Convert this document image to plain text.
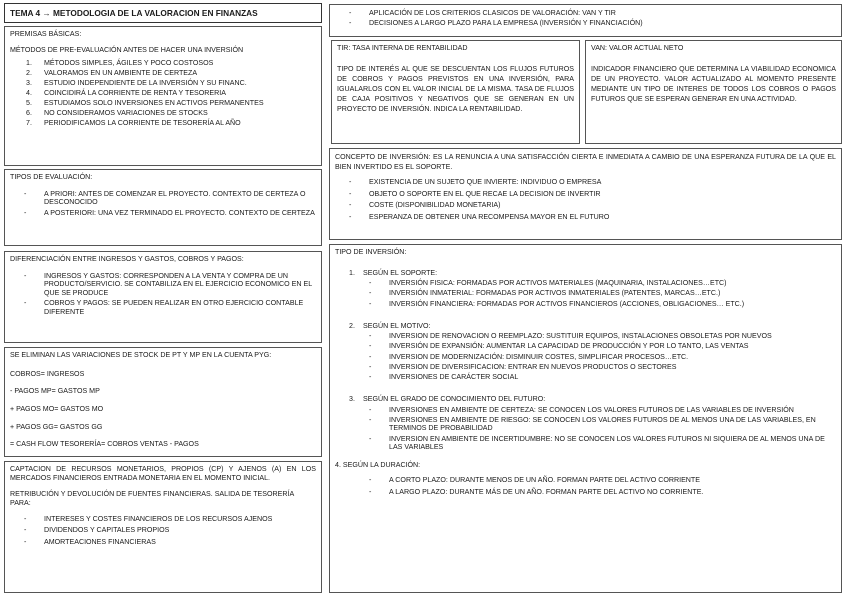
TEMA 4 → METODOLOGIA DE LA VALORACION EN FINANZAS
PREMISAS BÁSICAS:
MÉTODOS DE PRE-EVALUACIÓN ANTES DE HACER UNA INVERSIÓN
1.	MÉTODOS SIMPLES, ÁGILES Y POCO COSTOSOS
2.	VALORAMOS EN UN AMBIENTE DE CERTEZA
3.	ESTUDIO INDEPENDIENTE DE LA INVERSIÓN Y SU FINANC.
4.	COINCIDIRÁ LA CORRIENTE DE RENTA Y TESORERIA
5.	ESTUDIAMOS SOLO INVERSIONES EN ACTIVOS PERMANENTES
6.	NO CONSIDERAMOS VARIACIONES DE STOCKS
7.	PERIODIFICAMOS LA CORRIENTE DE TESORERÍA AL AÑO
TIPOS DE EVALUACIÓN:
- A PRIORI: ANTES DE COMENZAR EL PROYECTO. CONTEXTO DE CERTEZA O DESCONOCIDO
- A POSTERIORI: UNA VEZ TERMINADO EL PROYECTO. CONTEXTO DE CERTEZA
DIFERENCIACIÓN ENTRE INGRESOS Y GASTOS, COBROS Y PAGOS:
- INGRESOS Y GASTOS: CORRESPONDEN A LA VENTA Y COMPRA DE UN PRODUCTO/SERVICIO. SE CONTABILIZA EN EL EJERCICIO ECONOMICO EN EL QUE SE PRODUCE
- COBROS Y PAGOS: SE PUEDEN REALIZAR EN OTRO EJERCICIO CONTABLE DIFERENTE
SE ELIMINAN LAS VARIACIONES DE STOCK DE PT Y MP EN LA CUENTA PYG:
COBROS= INGRESOS
- PAGOS MP= GASTOS MP
+ PAGOS MO= GASTOS MO
+ PAGOS GG= GASTOS GG
= CASH FLOW TESORERÍA= COBROS VENTAS - PAGOS
CAPTACION DE RECURSOS MONETARIOS, PROPIOS (CP) Y AJENOS (A) EN LOS MERCADOS FINANCIEROS ENTRADA MONETARIA EN EL MOMENTO INICIAL.
RETRIBUCIÓN Y DEVOLUCIÓN DE FUENTES FINANCIERAS. SALIDA DE TESORERÍA PARA:
- INTERESES Y COSTES FINANCIEROS DE LOS RECURSOS AJENOS
- DIVIDENDOS Y CAPITALES PROPIOS
- AMORTEACIONES FINANCIERAS
- APLICACIÓN DE LOS CRITERIOS CLASICOS DE VALORACIÓN: VAN Y TIR
- DECISIONES A LARGO PLAZO PARA LA EMPRESA (INVERSIÓN Y FINANCIACIÓN)
TIR: TASA INTERNA DE RENTABILIDAD
TIPO DE INTERÉS AL QUE SE DESCUENTAN LOS FLUJOS FUTUROS DE COBROS Y PAGOS PREVISTOS EN UNA INVERSIÓN, PARA IGUALARLOS CON EL VALOR INICIAL DE LA MISMA. TASA DE FLUJOS DE CAJA POSITIVOS Y NEGATIVOS QUE SE GENERAN EN UN PROYECTO DE INVERSIÓN. INDICA LA RENTABILIDAD.
VAN: VALOR ACTUAL NETO
INDICADOR FINANCIERO QUE DETERMINA LA VIABILIDAD ECONOMICA DE UN PROYECTO. VALOR ACTUALIZADO AL MOMENTO PRESENTE MEDIANTE UN TIPO DE INTERES DE TODOS LOS COBROS O PAGOS FUTUROS QUE SE ESPERAN GENERAR EN UNA ACTIVIDAD.
CONCEPTO DE INVERSIÓN: ES LA RENUNCIA A UNA SATISFACCIÓN CIERTA E INMEDIATA A CAMBIO DE UNA ESPERANZA FUTURA DE LA QUE EL BIEN INVERTIDO ES EL SOPORTE.
- EXISTENCIA DE UN SUJETO QUE INVIERTE: INDIVIDUO O EMPRESA
- OBJETO O SOPORTE EN EL QUE RECAE LA DECISION DE INVERTIR
- COSTE (DISPONIBILIDAD MONETARIA)
- ESPERANZA DE OBTENER UNA RECOMPENSA MAYOR EN EL FUTURO
TIPO DE INVERSIÓN:
1.	SEGÚN EL SOPORTE:
- INVERSIÓN FISICA: FORMADAS POR ACTIVOS MATERIALES (MAQUINARIA, INSTALACIONES…ETC)
- INVERSIÓN INMATERIAL: FORMADAS POR ACTIVOS INMATERIALES (PATENTES, MARCAS…ETC.)
- INVERSIÓN FINANCIERA: FORMADAS POR ACTIVOS FINANCIEROS (ACCIONES, OBLIGACIONES… ETC.)
2.	SEGÚN EL MOTIVO:
- INVERSION DE RENOVACION O REEMPLAZO: SUSTITUIR EQUIPOS, INSTALACIONES OBSOLETAS POR NUEVOS
- INVERSIÓN DE EXPANSIÓN: AUMENTAR LA CAPACIDAD DE PRODUCCIÓN Y POR LO TANTO, LAS VENTAS
- INVERSION DE MODERNIZACIÓN: DISMINUIR COSTES, SIMPLIFICAR PROCESOS…ETC.
- INVERSION DE DIVERSIFICACION: ENTRAR EN NUEVOS PRODUCTOS O SECTORES
- INVERSIONES DE CARÁCTER SOCIAL
3.	SEGÚN EL GRADO DE CONOCIMIENTO DEL FUTURO:
- INVERSIONES EN AMBIENTE DE CERTEZA: SE CONOCEN LOS VALORES FUTUROS DE LAS VARIABLES DE INVERSIÓN
- INVERSIONES EN AMBIENTE DE RIESGO: SE CONOCEN LOS VALORES FUTUROS DE AL MENOS UNA DE LAS VARIABLES, EN TERMINOS DE PROBABILIDAD
- INVERSION EN AMBIENTE DE INCERTIDUMBRE: NO SE CONOCEN LOS VALORES FUTUROS NI SIQUIERA DE AL MENOS UNA DE LAS VARIABLES
4. SEGÚN LA DURACIÓN:
- A CORTO PLAZO: DURANTE MENOS DE UN AÑO. FORMAN PARTE DEL ACTIVO CORRIENTE
- A LARGO PLAZO: DURANTE MÁS DE UN AÑO. FORMAN PARTE DEL ACTIVO NO CORRIENTE.
